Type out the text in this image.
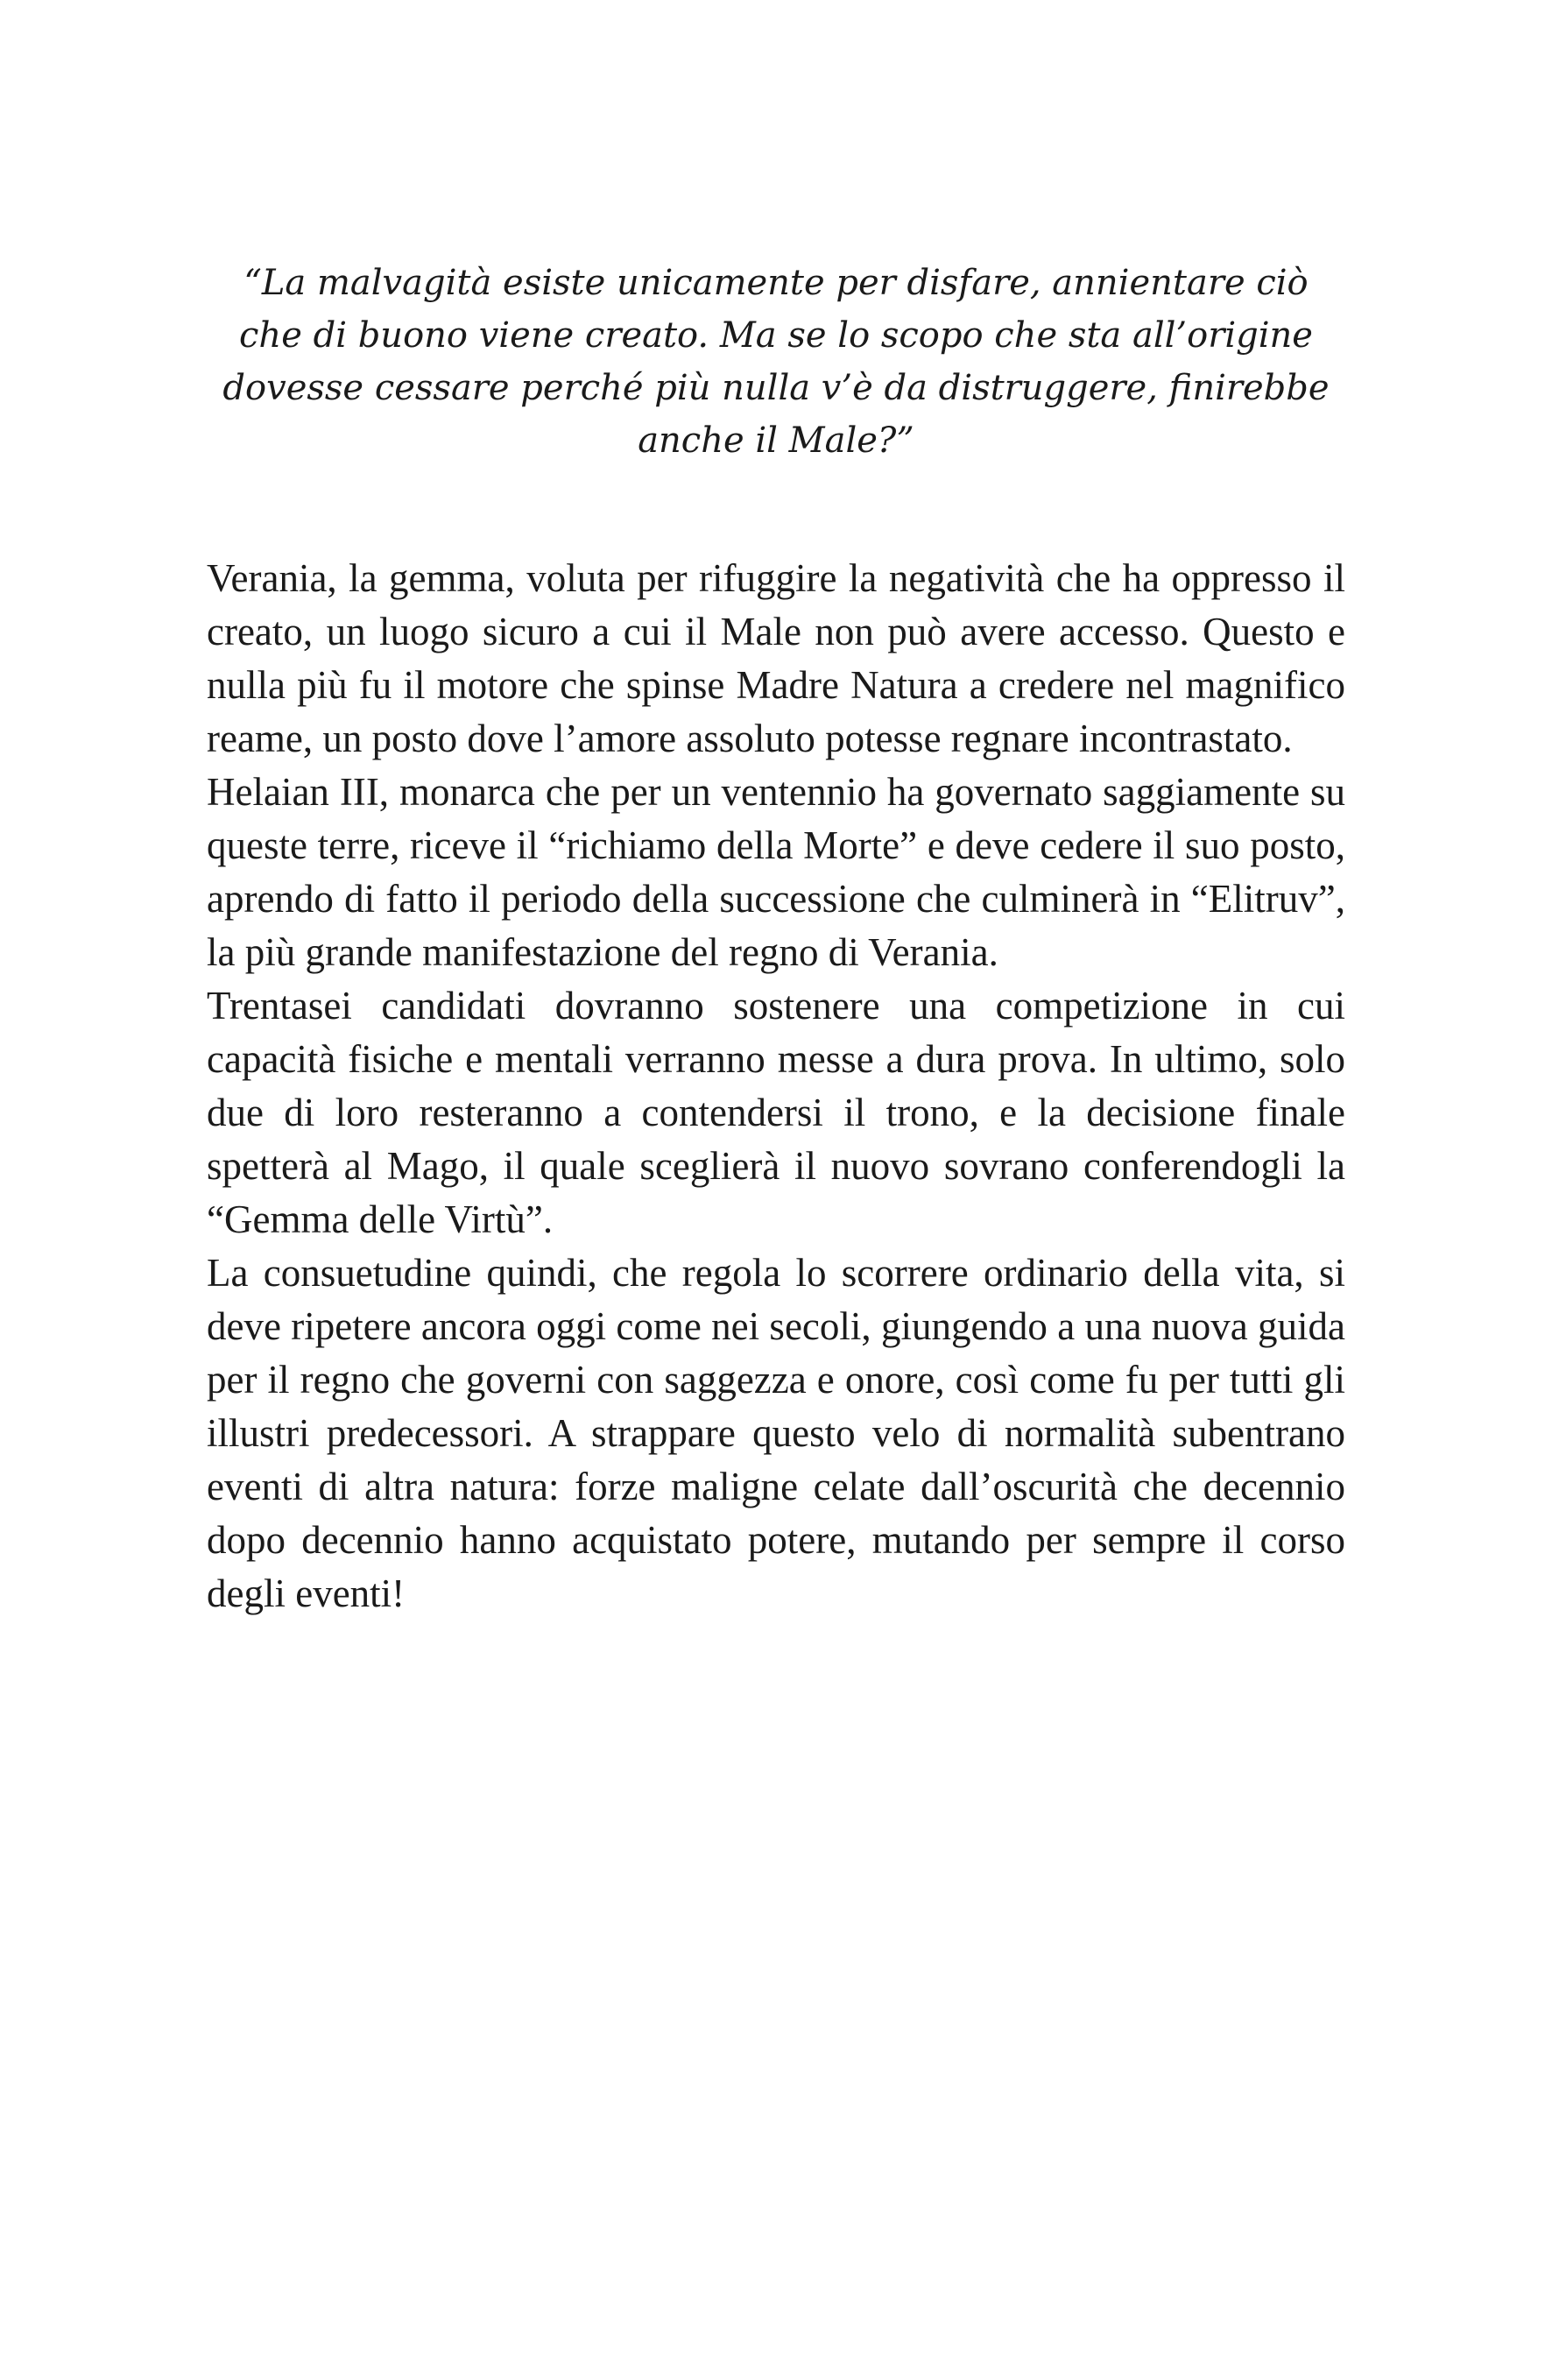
“La malvagità esiste unicamente per disfare, annientare ciò che di buono viene creato. Ma se lo scopo che sta all’origine dovesse cessare perché più nulla v’è da distruggere, finirebbe anche il Male?”

Verania, la gemma, voluta per rifuggire la negatività che ha oppresso il creato, un luogo sicuro a cui il Male non può avere accesso. Questo e nulla più fu il motore che spinse Madre Natura a credere nel magnifico reame, un posto dove l’amore assoluto potesse regnare incontrastato.

Helaian III, monarca che per un ventennio ha governato saggiamente su queste terre, riceve il “richiamo della Morte” e deve cedere il suo posto, aprendo di fatto il periodo della successione che culminerà in “Elitruv”, la più grande manifestazione del regno di Verania.

Trentasei candidati dovranno sostenere una competizione in cui capacità fisiche e mentali verranno messe a dura prova. In ultimo, solo due di loro resteranno a contendersi il trono, e la decisione finale spetterà al Mago, il quale sceglierà il nuovo sovrano conferendogli la “Gemma delle Virtù”.

La consuetudine quindi, che regola lo scorrere ordinario della vita, si deve ripetere ancora oggi come nei secoli, giungendo a una nuova guida per il regno che governi con saggezza e onore, così come fu per tutti gli illustri predecessori. A strappare questo velo di normalità subentrano eventi di altra natura: forze maligne celate dall’oscurità che decennio dopo decennio hanno acquistato potere, mutando per sempre il corso degli eventi!
